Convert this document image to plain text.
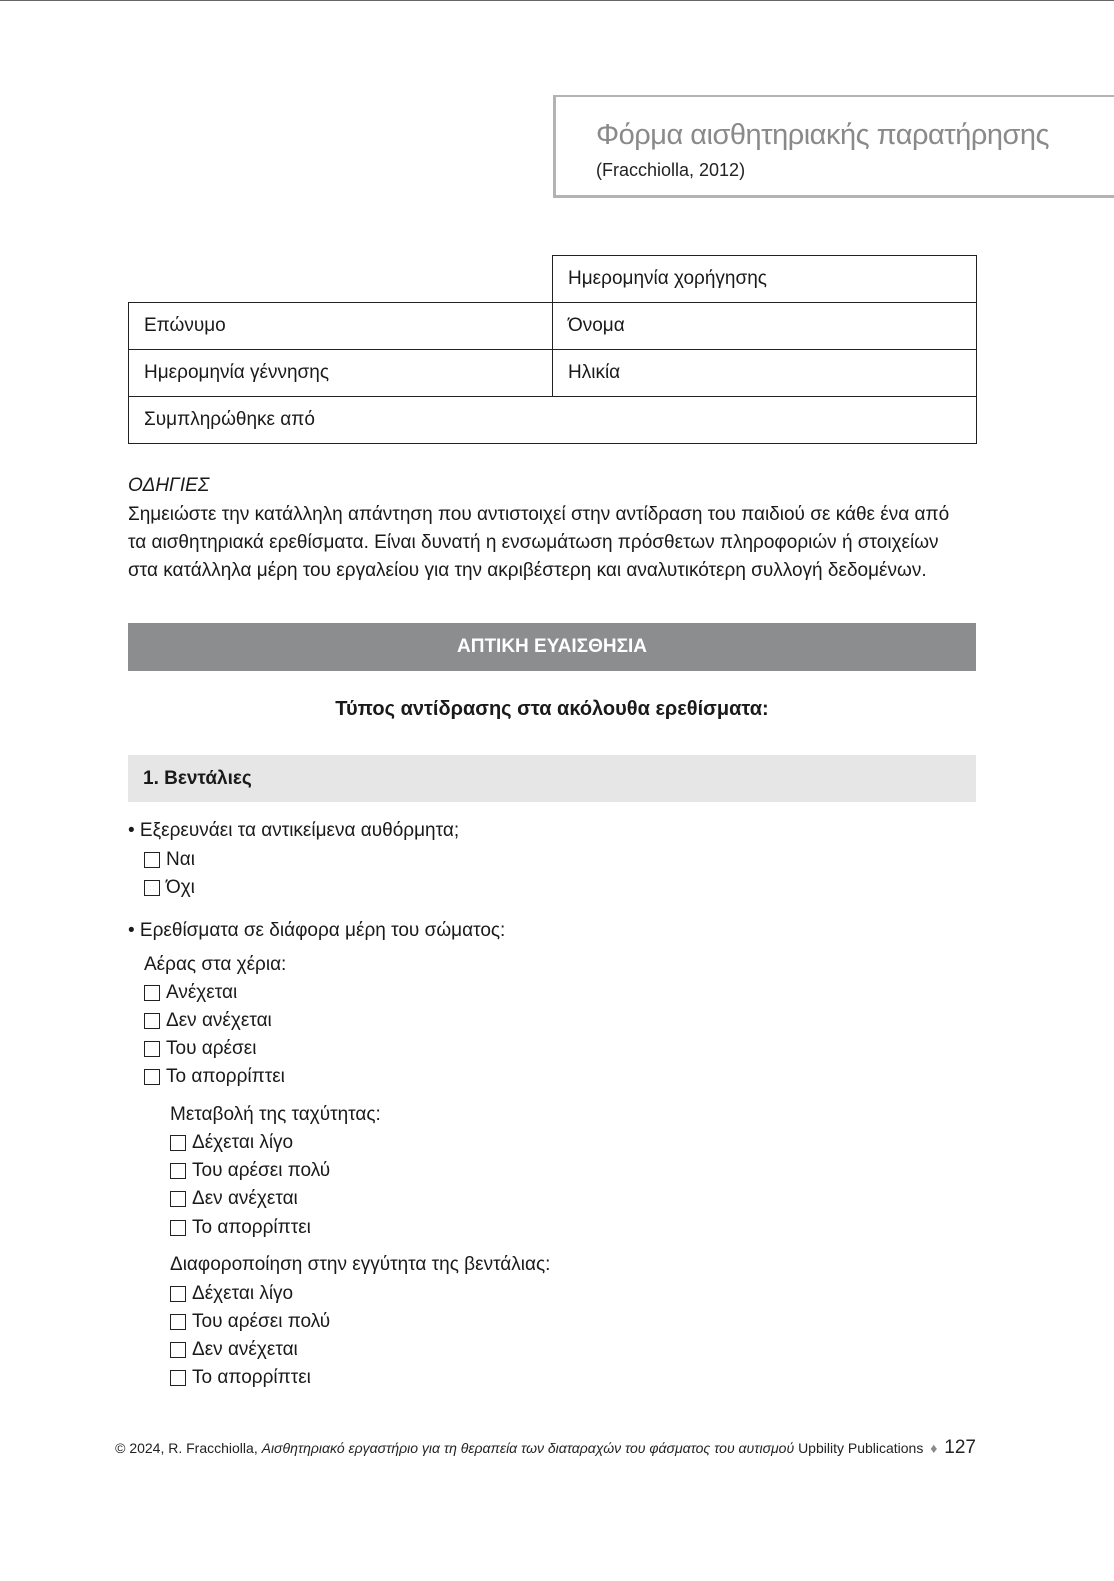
Φόρμα αισθητηριακής παρατήρησης
(Fracchiolla, 2012)
	Ημερομηνία χορήγησης
Επώνυμο	Όνομα
Ημερομηνία γέννησης	Ηλικία
Συμπληρώθηκε από	

ΟΔΗΓΙΕΣ

Σημειώστε την κατάλληλη απάντηση που αντιστοιχεί στην αντίδραση του παιδιού σε κάθε ένα από
τα αισθητηριακά ερεθίσματα. Είναι δυνατή η ενσωμάτωση πρόσθετων πληροφοριών ή στοιχείων
στα κατάλληλα μέρη του εργαλείου για την ακριβέστερη και αναλυτικότερη συλλογή δεδομένων.

ΑΠΤΙΚΗ ΕΥΑΙΣΘΗΣΙΑ
Τύπος αντίδρασης στα ακόλουθα ερεθίσματα:
1. Βεντάλιες
• Εξερευνάει τα αντικείμενα αυθόρμητα;
Ναι
Όχι
• Ερεθίσματα σε διάφορα μέρη του σώματος:
Αέρας στα χέρια:
Ανέχεται
Δεν ανέχεται
Του αρέσει
Το απορρίπτει
Μεταβολή της ταχύτητας:
Δέχεται λίγο
Του αρέσει πολύ
Δεν ανέχεται
Το απορρίπτει
Διαφοροποίηση στην εγγύτητα της βεντάλιας:
Δέχεται λίγο
Του αρέσει πολύ
Δεν ανέχεται
Το απορρίπτει
© 2024, R. Fracchiolla, Αισθητηριακό εργαστήριο για τη θεραπεία των διαταραχών του φάσματος του αυτισμού Upbility Publications ♦ 127
